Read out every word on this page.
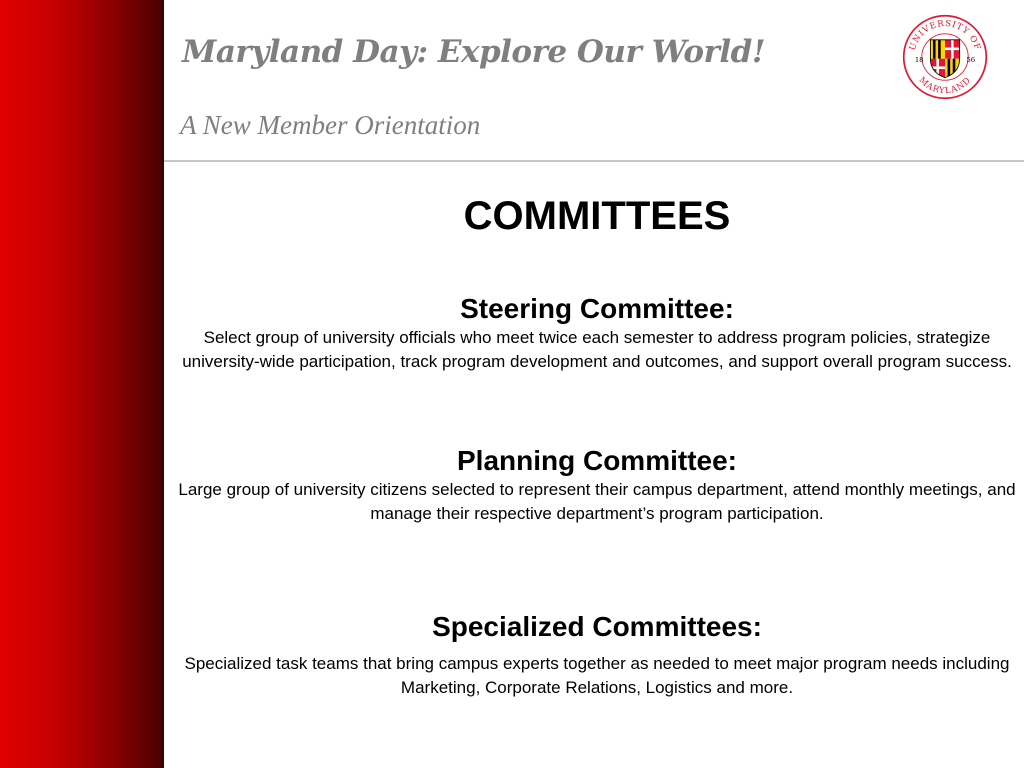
Maryland Day: Explore Our World!
A New Member Orientation
UNIVERSITY OF
MARYLAND
18	56
COMMITTEES
Steering Committee:

Select group of university officials who meet twice each semester to address program policies, strategize university-wide participation, track program development and outcomes, and support overall program success.

Planning Committee:

Large group of university citizens selected to represent their campus department, attend monthly meetings, and manage their respective department’s program participation.

Specialized Committees:

Specialized task teams that bring campus experts together as needed to meet major program needs including Marketing, Corporate Relations, Logistics and more.
